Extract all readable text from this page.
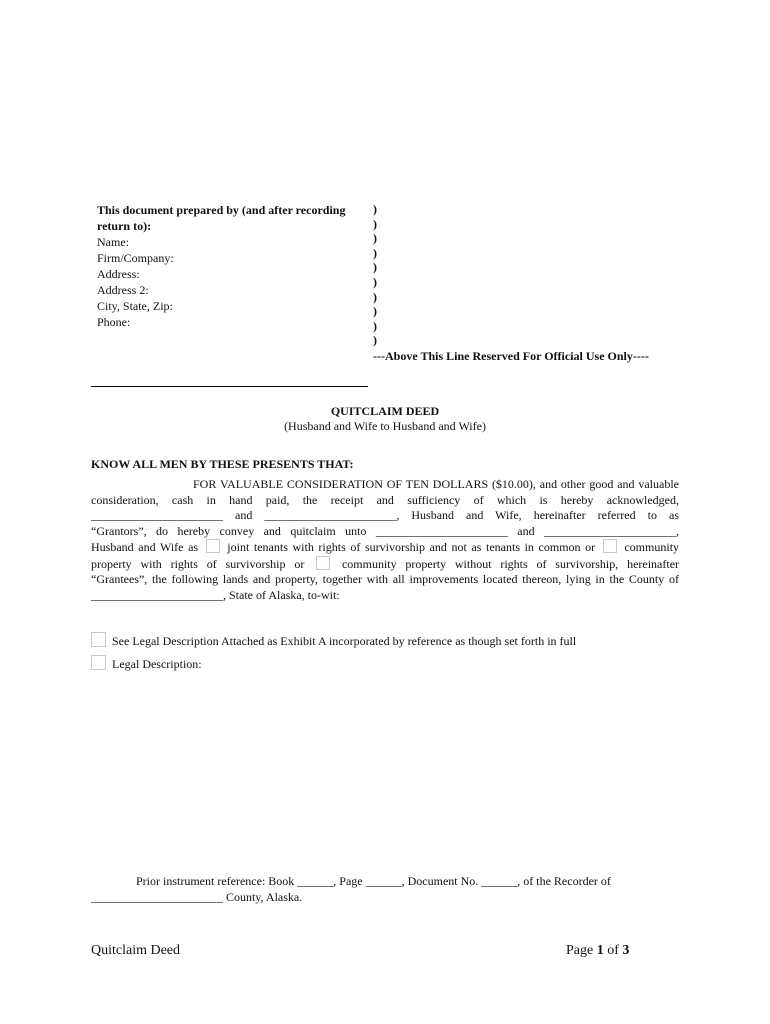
This document prepared by (and after recording
return to):
Name:
Firm/Company:
Address:
Address 2:
City, State, Zip:
Phone:
)
)
)
)
)
)
)
)
)
)
---Above This Line Reserved For Official Use Only----
QUITCLAIM DEED
(Husband and Wife to Husband and Wife)
KNOW ALL MEN BY THESE PRESENTS THAT:

FOR VALUABLE CONSIDERATION OF TEN DOLLARS ($10.00), and other good and valuable

consideration, cash in hand paid, the receipt and sufficiency of which is hereby acknowledged,

______________________ and ______________________, Husband and Wife, hereinafter referred to as

“Grantors”, do hereby convey and quitclaim unto ______________________ and ______________________,

Husband and Wife as joint tenants with rights of survivorship and not as tenants in common or community

property with rights of survivorship or	community property without rights of survivorship, hereinafter

“Grantees”, the following lands and property, together with all improvements located thereon, lying in the County of

______________________, State of Alaska, to-wit:

See Legal Description Attached as Exhibit A incorporated by reference as though set forth in full
Legal Description:
Prior instrument reference: Book ______, Page ______, Document No. ______, of the Recorder of
______________________ County, Alaska.
Quitclaim Deed	Page 1 of 3
